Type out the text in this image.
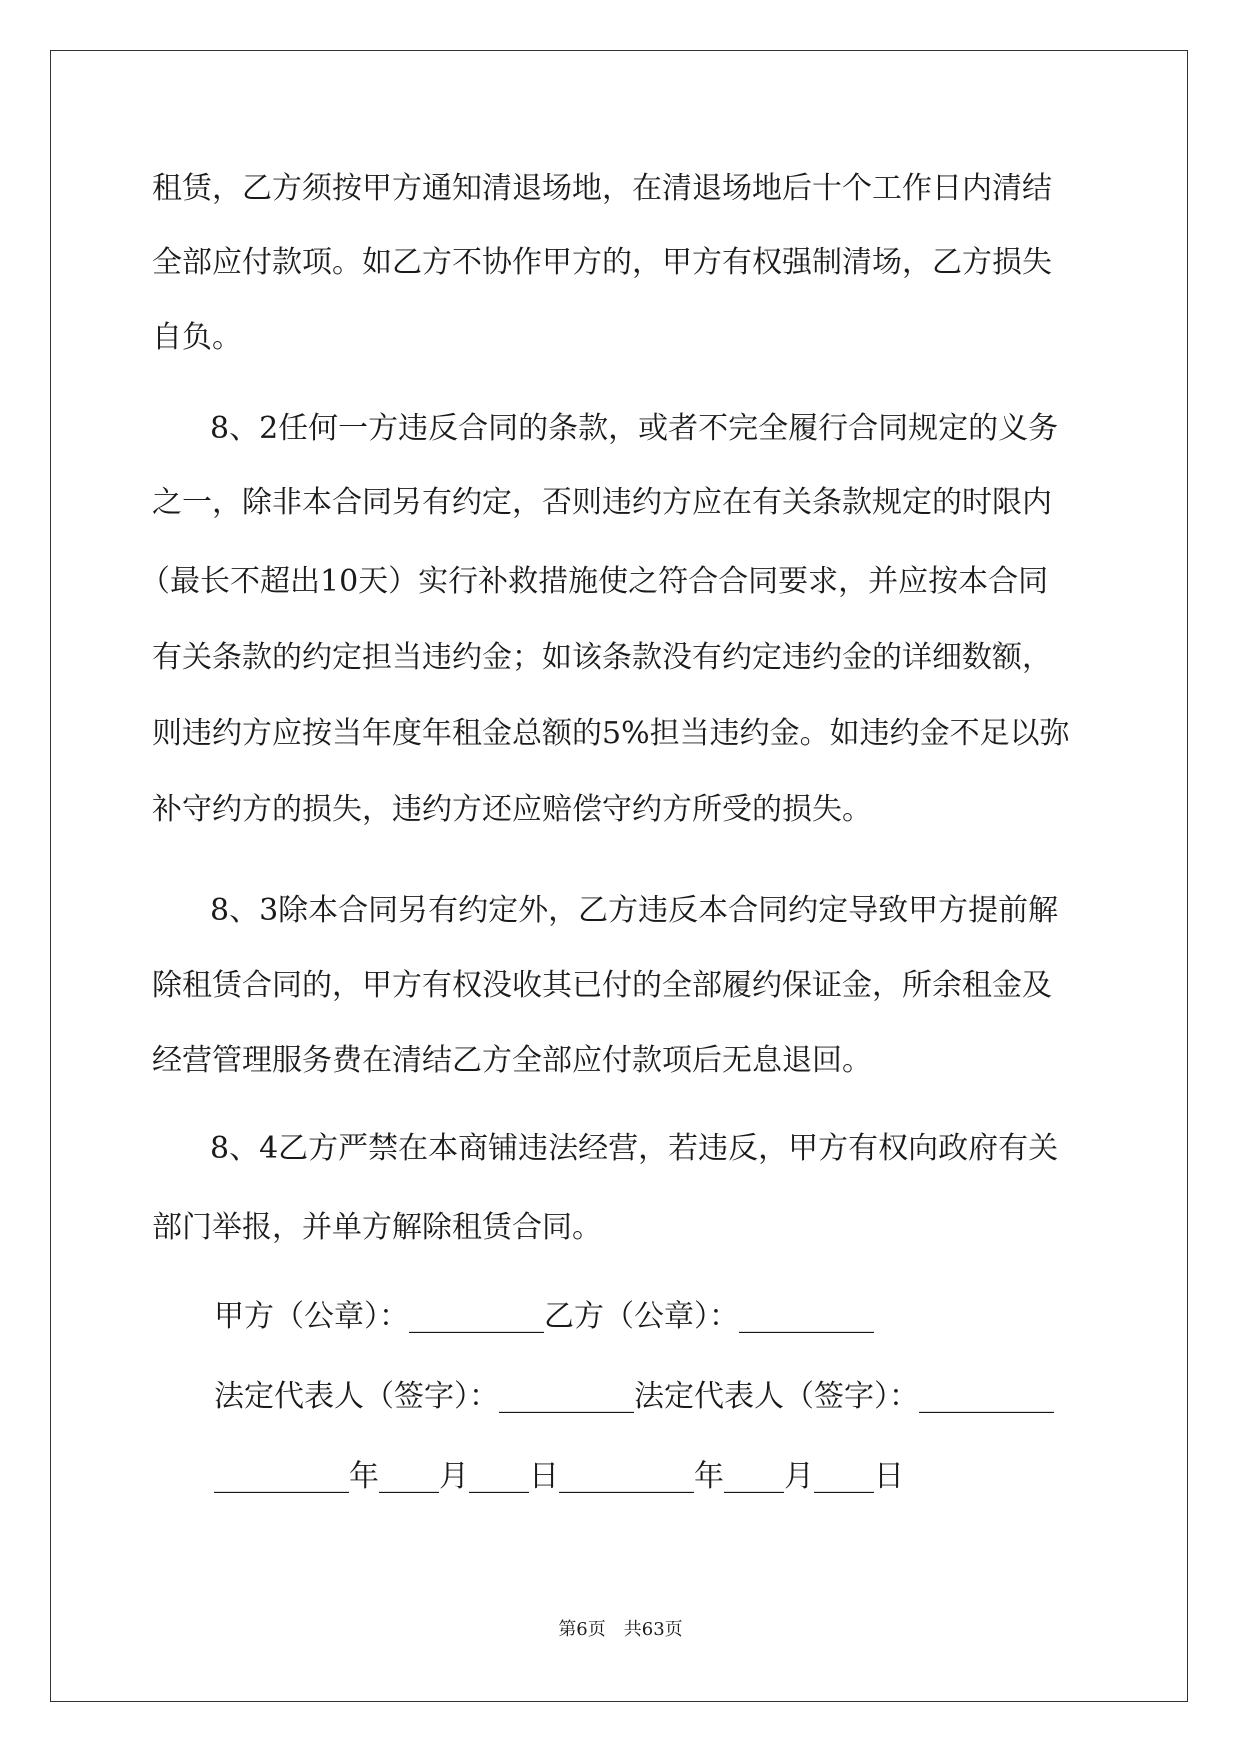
租赁，乙方须按甲方通知清退场地，在清退场地后十个工作日内清结
全部应付款项。如乙方不协作甲方的，甲方有权强制清场，乙方损失
自负。
8、2任何一方违反合同的条款，或者不完全履行合同规定的义务
之一，除非本合同另有约定，否则违约方应在有关条款规定的时限内
（最长不超出10天）实行补救措施使之符合合同要求，并应按本合同
有关条款的约定担当违约金；如该条款没有约定违约金的详细数额，
则违约方应按当年度年租金总额的5%担当违约金。如违约金不足以弥
补守约方的损失，违约方还应赔偿守约方所受的损失。
8、3除本合同另有约定外，乙方违反本合同约定导致甲方提前解
除租赁合同的，甲方有权没收其已付的全部履约保证金，所余租金及
经营管理服务费在清结乙方全部应付款项后无息退回。
8、4乙方严禁在本商铺违法经营，若违反，甲方有权向政府有关
部门举报，并单方解除租赁合同。
甲方（公章）：_________乙方（公章）：_________
法定代表人（签字）：_________法定代表人（签字）：_________
_________年____月____日_________年____月____日
第6页　共63页
